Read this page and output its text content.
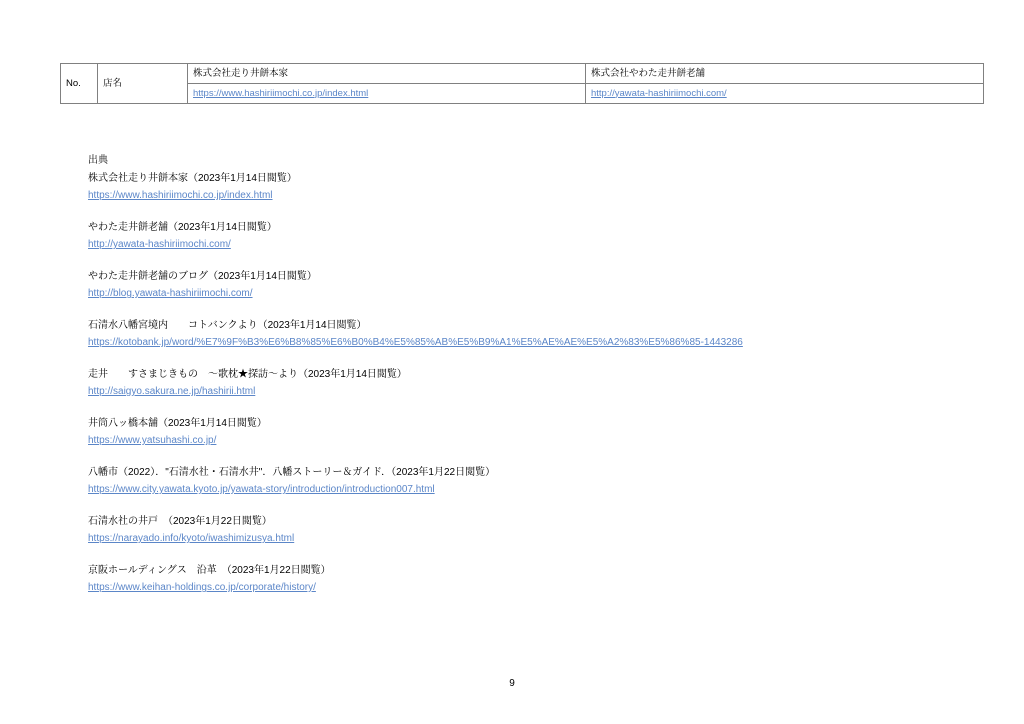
No.	店名	株式会社走り井餅本家	株式会社やわた走井餅老舗
		https://www.hashiriimochi.co.jp/index.html	http://yawata-hashiriimochi.com/
出典
株式会社走り井餅本家（2023年1月14日閲覧）
https://www.hashiriimochi.co.jp/index.html
やわた走井餅老舗（2023年1月14日閲覧）
http://yawata-hashiriimochi.com/
やわた走井餅老舗のブログ（2023年1月14日閲覧）
http://blog.yawata-hashiriimochi.com/
石清水八幡宮境内　　コトバンクより（2023年1月14日閲覧）
https://kotobank.jp/word/%E7%9F%B3%E6%B8%85%E6%B0%B4%E5%85%AB%E5%B9%A1%E5%AE%AE%E5%A2%83%E5%86%85-1443286
走井　　すさまじきもの　〜歌枕★探訪〜より（2023年1月14日閲覧）
http://saigyo.sakura.ne.jp/hashirii.html
井筒八ッ橋本舗（2023年1月14日閲覧）
https://www.yatsuhashi.co.jp/
八幡市（2022）．"石清水社・石清水井"．八幡ストーリー＆ガイド．（2023年1月22日閲覧）
https://www.city.yawata.kyoto.jp/yawata-story/introduction/introduction007.html
石清水社の井戸　（2023年1月22日閲覧）
https://narayado.info/kyoto/iwashimizusya.html
京阪ホールディングス　沿革　（2023年1月22日閲覧）
https://www.keihan-holdings.co.jp/corporate/history/
9
